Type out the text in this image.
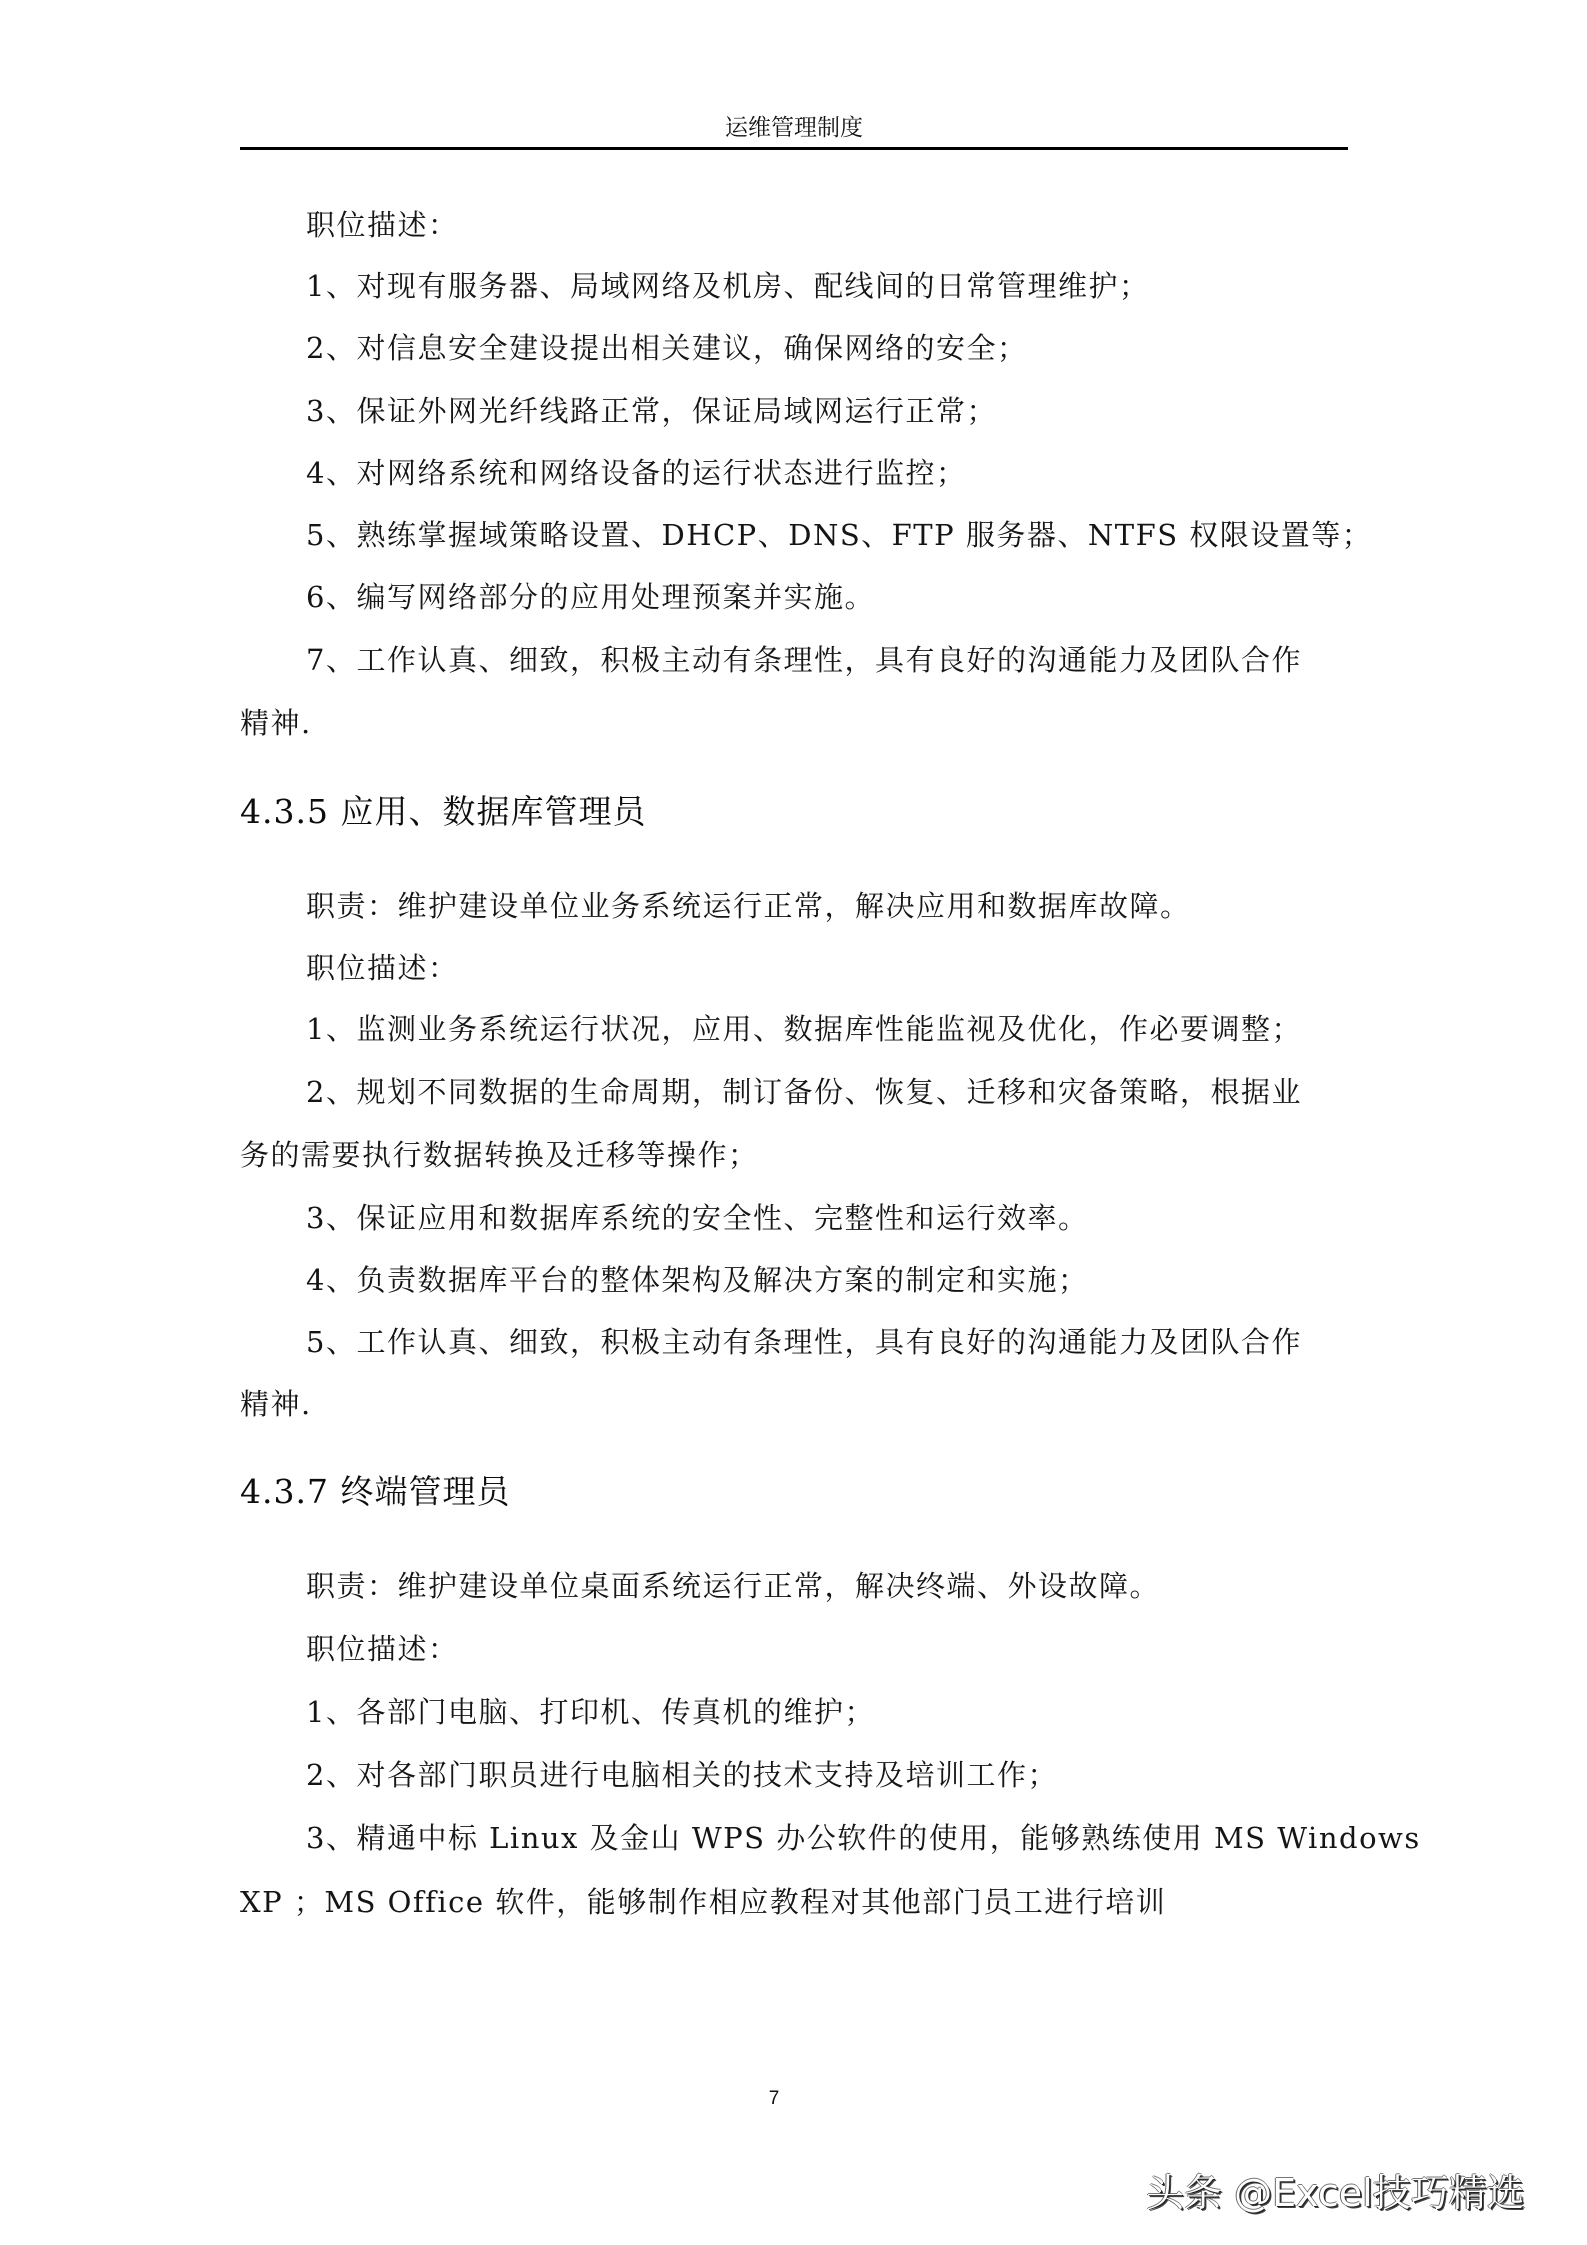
运维管理制度
职位描述：
1、对现有服务器、局域网络及机房、配线间的日常管理维护；
2、对信息安全建设提出相关建议，确保网络的安全；
3、保证外网光纤线路正常，保证局域网运行正常；
4、对网络系统和网络设备的运行状态进行监控；
5、熟练掌握域策略设置、DHCP、DNS、FTP 服务器、NTFS 权限设置等；
6、编写网络部分的应用处理预案并实施。
7、工作认真、细致，积极主动有条理性，具有良好的沟通能力及团队合作
精神.
4.3.5 应用、数据库管理员
职责：维护建设单位业务系统运行正常，解决应用和数据库故障。
职位描述：
1、监测业务系统运行状况，应用、数据库性能监视及优化，作必要调整；
2、规划不同数据的生命周期，制订备份、恢复、迁移和灾备策略，根据业
务的需要执行数据转换及迁移等操作；
3、保证应用和数据库系统的安全性、完整性和运行效率。
4、负责数据库平台的整体架构及解决方案的制定和实施；
5、工作认真、细致，积极主动有条理性，具有良好的沟通能力及团队合作
精神.
4.3.7 终端管理员
职责：维护建设单位桌面系统运行正常，解决终端、外设故障。
职位描述：
1、各部门电脑、打印机、传真机的维护；
2、对各部门职员进行电脑相关的技术支持及培训工作；
3、精通中标 Linux 及金山 WPS 办公软件的使用，能够熟练使用 MS Windows
XP ；MS Office 软件，能够制作相应教程对其他部门员工进行培训
7
头条 @Excel技巧精选
